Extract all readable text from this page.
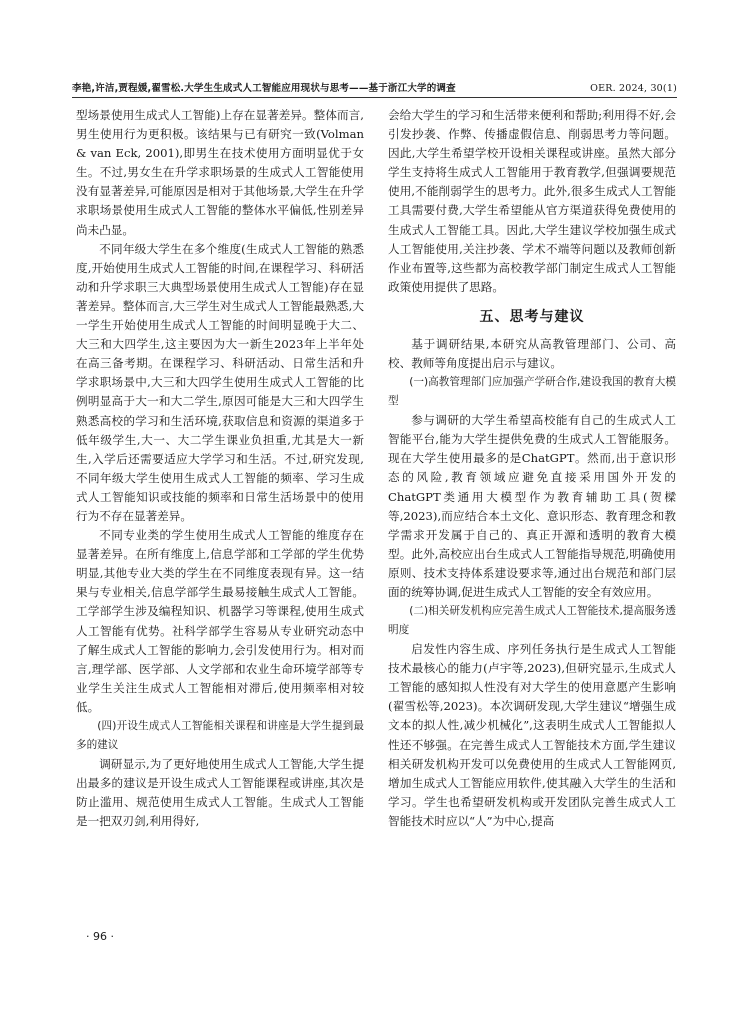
李艳,许洁,贾程媛,翟雪松.大学生生成式人工智能应用现状与思考——基于浙江大学的调查	OER. 2024, 30(1)

型场景使用生成式人工智能)上存在显著差异。整体而言,男生使用行为更积极。该结果与已有研究一致(Volman & van Eck, 2001),即男生在技术使用方面明显优于女生。不过,男女生在升学求职场景的生成式人工智能使用没有显著差异,可能原因是相对于其他场景,大学生在升学求职场景使用生成式人工智能的整体水平偏低,性别差异尚未凸显。

不同年级大学生在多个维度(生成式人工智能的熟悉度,开始使用生成式人工智能的时间,在课程学习、科研活动和升学求职三大典型场景使用生成式人工智能)存在显著差异。整体而言,大三学生对生成式人工智能最熟悉,大一学生开始使用生成式人工智能的时间明显晚于大二、大三和大四学生,这主要因为大一新生2023年上半年处在高三备考期。在课程学习、科研活动、日常生活和升学求职场景中,大三和大四学生使用生成式人工智能的比例明显高于大一和大二学生,原因可能是大三和大四学生熟悉高校的学习和生活环境,获取信息和资源的渠道多于低年级学生,大一、大二学生课业负担重,尤其是大一新生,入学后还需要适应大学学习和生活。不过,研究发现,不同年级大学生使用生成式人工智能的频率、学习生成式人工智能知识或技能的频率和日常生活场景中的使用行为不存在显著差异。

不同专业类的学生使用生成式人工智能的维度存在显著差异。在所有维度上,信息学部和工学部的学生优势明显,其他专业大类的学生在不同维度表现有异。这一结果与专业相关,信息学部学生最易接触生成式人工智能。工学部学生涉及编程知识、机器学习等课程,使用生成式人工智能有优势。社科学部学生容易从专业研究动态中了解生成式人工智能的影响力,会引发使用行为。相对而言,理学部、医学部、人文学部和农业生命环境学部等专业学生关注生成式人工智能相对滞后,使用频率相对较低。

(四)开设生成式人工智能相关课程和讲座是大学生提到最多的建议

调研显示,为了更好地使用生成式人工智能,大学生提出最多的建议是开设生成式人工智能课程或讲座,其次是防止滥用、规范使用生成式人工智能。生成式人工智能是一把双刃剑,利用得好,

会给大学生的学习和生活带来便利和帮助;利用得不好,会引发抄袭、作弊、传播虚假信息、削弱思考力等问题。因此,大学生希望学校开设相关课程或讲座。虽然大部分学生支持将生成式人工智能用于教育教学,但强调要规范使用,不能削弱学生的思考力。此外,很多生成式人工智能工具需要付费,大学生希望能从官方渠道获得免费使用的生成式人工智能工具。因此,大学生建议学校加强生成式人工智能使用,关注抄袭、学术不端等问题以及教师创新作业布置等,这些都为高校教学部门制定生成式人工智能政策使用提供了思路。

五、思考与建议

基于调研结果,本研究从高教管理部门、公司、高校、教师等角度提出启示与建议。

(一)高教管理部门应加强产学研合作,建设我国的教育大模型

参与调研的大学生希望高校能有自己的生成式人工智能平台,能为大学生提供免费的生成式人工智能服务。现在大学生使用最多的是ChatGPT。然而,出于意识形态的风险,教育领域应避免直接采用国外开发的ChatGPT类通用大模型作为教育辅助工具(贺樑等,2023),而应结合本土文化、意识形态、教育理念和教学需求开发属于自己的、真正开源和透明的教育大模型。此外,高校应出台生成式人工智能指导规范,明确使用原则、技术支持体系建设要求等,通过出台规范和部门层面的统筹协调,促进生成式人工智能的安全有效应用。

(二)相关研发机构应完善生成式人工智能技术,提高服务透明度

启发性内容生成、序列任务执行是生成式人工智能技术最核心的能力(卢宇等,2023),但研究显示,生成式人工智能的感知拟人性没有对大学生的使用意愿产生影响(翟雪松等,2023)。本次调研发现,大学生建议“增强生成文本的拟人性,减少机械化”,这表明生成式人工智能拟人性还不够强。在完善生成式人工智能技术方面,学生建议相关研发机构开发可以免费使用的生成式人工智能网页,增加生成式人工智能应用软件,使其融入大学生的生活和学习。学生也希望研发机构或开发团队完善生成式人工智能技术时应以“人”为中心,提高

· 96 ·
